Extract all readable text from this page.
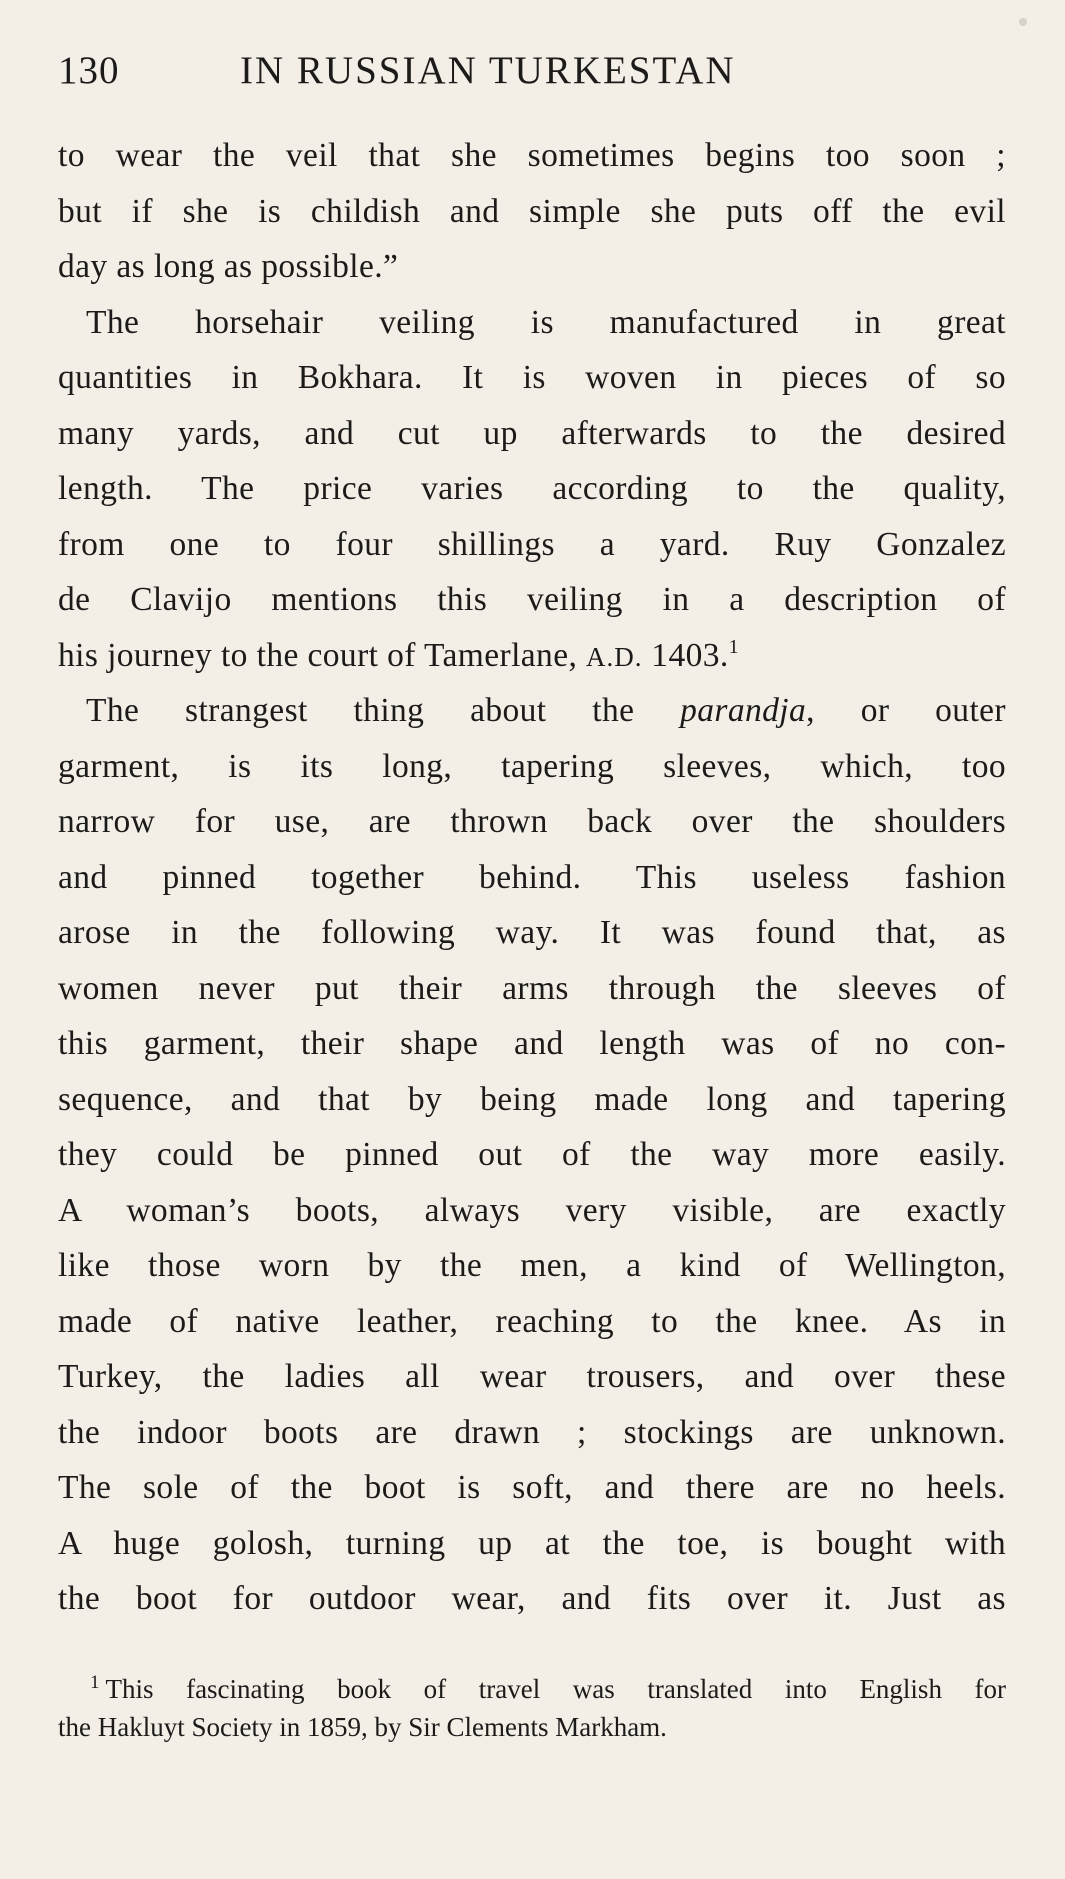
130	IN RUSSIAN TURKESTAN
to wear the veil that she sometimes begins too soon ;
but if she is childish and simple she puts off the evil
day as long as possible.”
The horsehair veiling is manufactured in great
quantities in Bokhara. It is woven in pieces of so
many yards, and cut up afterwards to the desired
length. The price varies according to the quality,
from one to four shillings a yard. Ruy Gonzalez
de Clavijo mentions this veiling in a description of
his journey to the court of Tamerlane, A.D. 1403.$^1$
The strangest thing about the parandja, or outer
garment, is its long, tapering sleeves, which, too
narrow for use, are thrown back over the shoulders
and pinned together behind. This useless fashion
arose in the following way. It was found that, as
women never put their arms through the sleeves of
this garment, their shape and length was of no con-
sequence, and that by being made long and tapering
they could be pinned out of the way more easily.
A woman’s boots, always very visible, are exactly
like those worn by the men, a kind of Wellington,
made of native leather, reaching to the knee. As in
Turkey, the ladies all wear trousers, and over these
the indoor boots are drawn ; stockings are unknown.
The sole of the boot is soft, and there are no heels.
A huge golosh, turning up at the toe, is bought with
the boot for outdoor wear, and fits over it. Just as
$^1$ This fascinating book of travel was translated into English for
the Hakluyt Society in 1859, by Sir Clements Markham.
